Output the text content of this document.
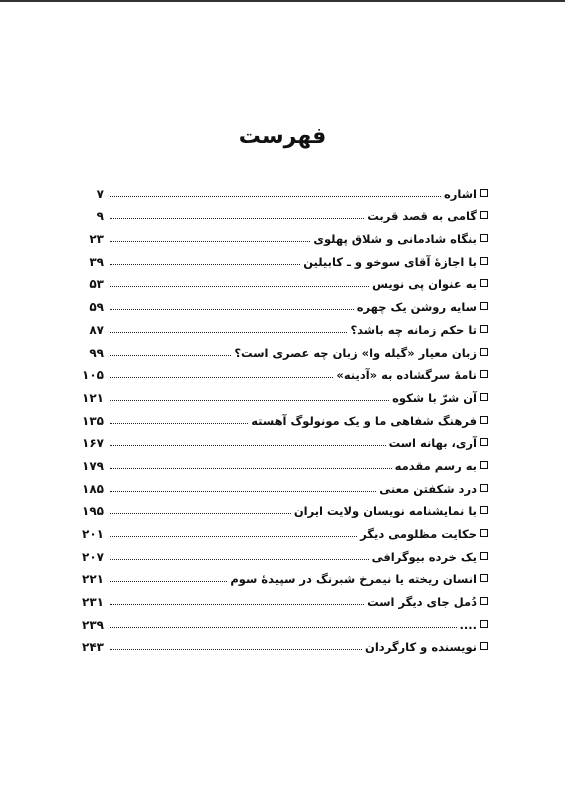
فهرست
اشاره
۷
گامی به قصد قربت
۹
بنگاه شادمانی و شلاق پهلوی
۲۳
با اجازهٔ آقای سوخو و ـ کابیلین
۳۹
به عنوان پی نویس
۵۳
سایه روشن یک چهره
۵۹
تا حکم زمانه چه باشد؟
۸۷
زبان معیار «گیله وا» زبان چه عصری است؟
۹۹
نامهٔ سرگشاده به «آدینه»
۱۰۵
آن شرّ با شکوه
۱۲۱
فرهنگ شفاهی ما و یک مونولوگ آهسته
۱۳۵
آری، بهانه است
۱۶۷
به رسم مقدمه
۱۷۹
درد شکفتن معنی
۱۸۵
با نمایشنامه نویسان ولایت ایران
۱۹۵
حکایت مظلومی دیگر
۲۰۱
یک خرده بیوگرافی
۲۰۷
انسان ریخته یا نیمرخ شبرنگ در سپیدهٔ سوم
۲۲۱
دُمل جای دیگر است
۲۳۱
....
۲۳۹
نویسنده و کارگردان
۲۴۳
